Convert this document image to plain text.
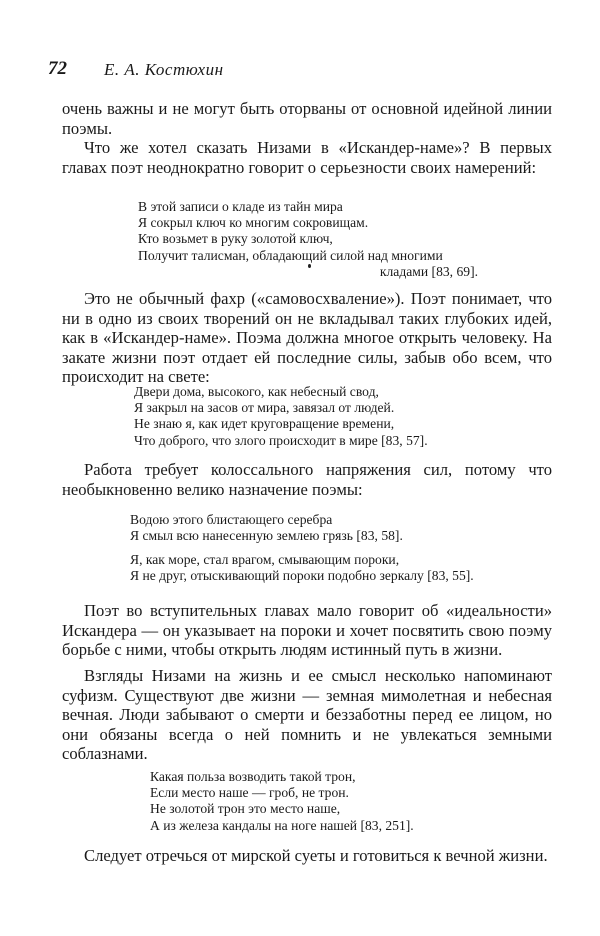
72 Е. А. Костюхин

очень важны и не могут быть оторваны от основной идейной линии поэмы.

Что же хотел сказать Низами в «Искандер-наме»? В первых главах поэт неоднократно говорит о серьезности своих намерений:

В этой записи о кладе из тайн мира
Я сокрыл ключ ко многим сокровищам.
Кто возьмет в руку золотой ключ,
Получит талисман, обладающий силой над многими
кладами [83, 69].

Это не обычный фахр («самовосхваление»). Поэт понимает, что ни в одно из своих творений он не вкладывал таких глубоких идей, как в «Искандер-наме». Поэма должна многое открыть человеку. На закате жизни поэт отдает ей последние силы, забыв обо всем, что происходит на свете:

Двери дома, высокого, как небесный свод,
Я закрыл на засов от мира, завязал от людей.
Не знаю я, как идет круговращение времени,
Что доброго, что злого происходит в мире [83, 57].

Работа требует колоссального напряжения сил, потому что необыкновенно велико назначение поэмы:

Водою этого блистающего серебра
Я смыл всю нанесенную землею грязь [83, 58].
Я, как море, стал врагом, смывающим пороки,
Я не друг, отыскивающий пороки подобно зеркалу [83, 55].

Поэт во вступительных главах мало говорит об «идеальности» Искандера — он указывает на пороки и хочет посвятить свою поэму борьбе с ними, чтобы открыть людям истинный путь в жизни.

Взгляды Низами на жизнь и ее смысл несколько напоминают суфизм. Существуют две жизни — земная мимолетная и небесная вечная. Люди забывают о смерти и беззаботны перед ее лицом, но они обязаны всегда о ней помнить и не увлекаться земными соблазнами.

Какая польза возводить такой трон,
Если место наше — гроб, не трон.
Не золотой трон это место наше,
А из железа кандалы на ноге нашей [83, 251].

Следует отречься от мирской суеты и готовиться к вечной жизни.
